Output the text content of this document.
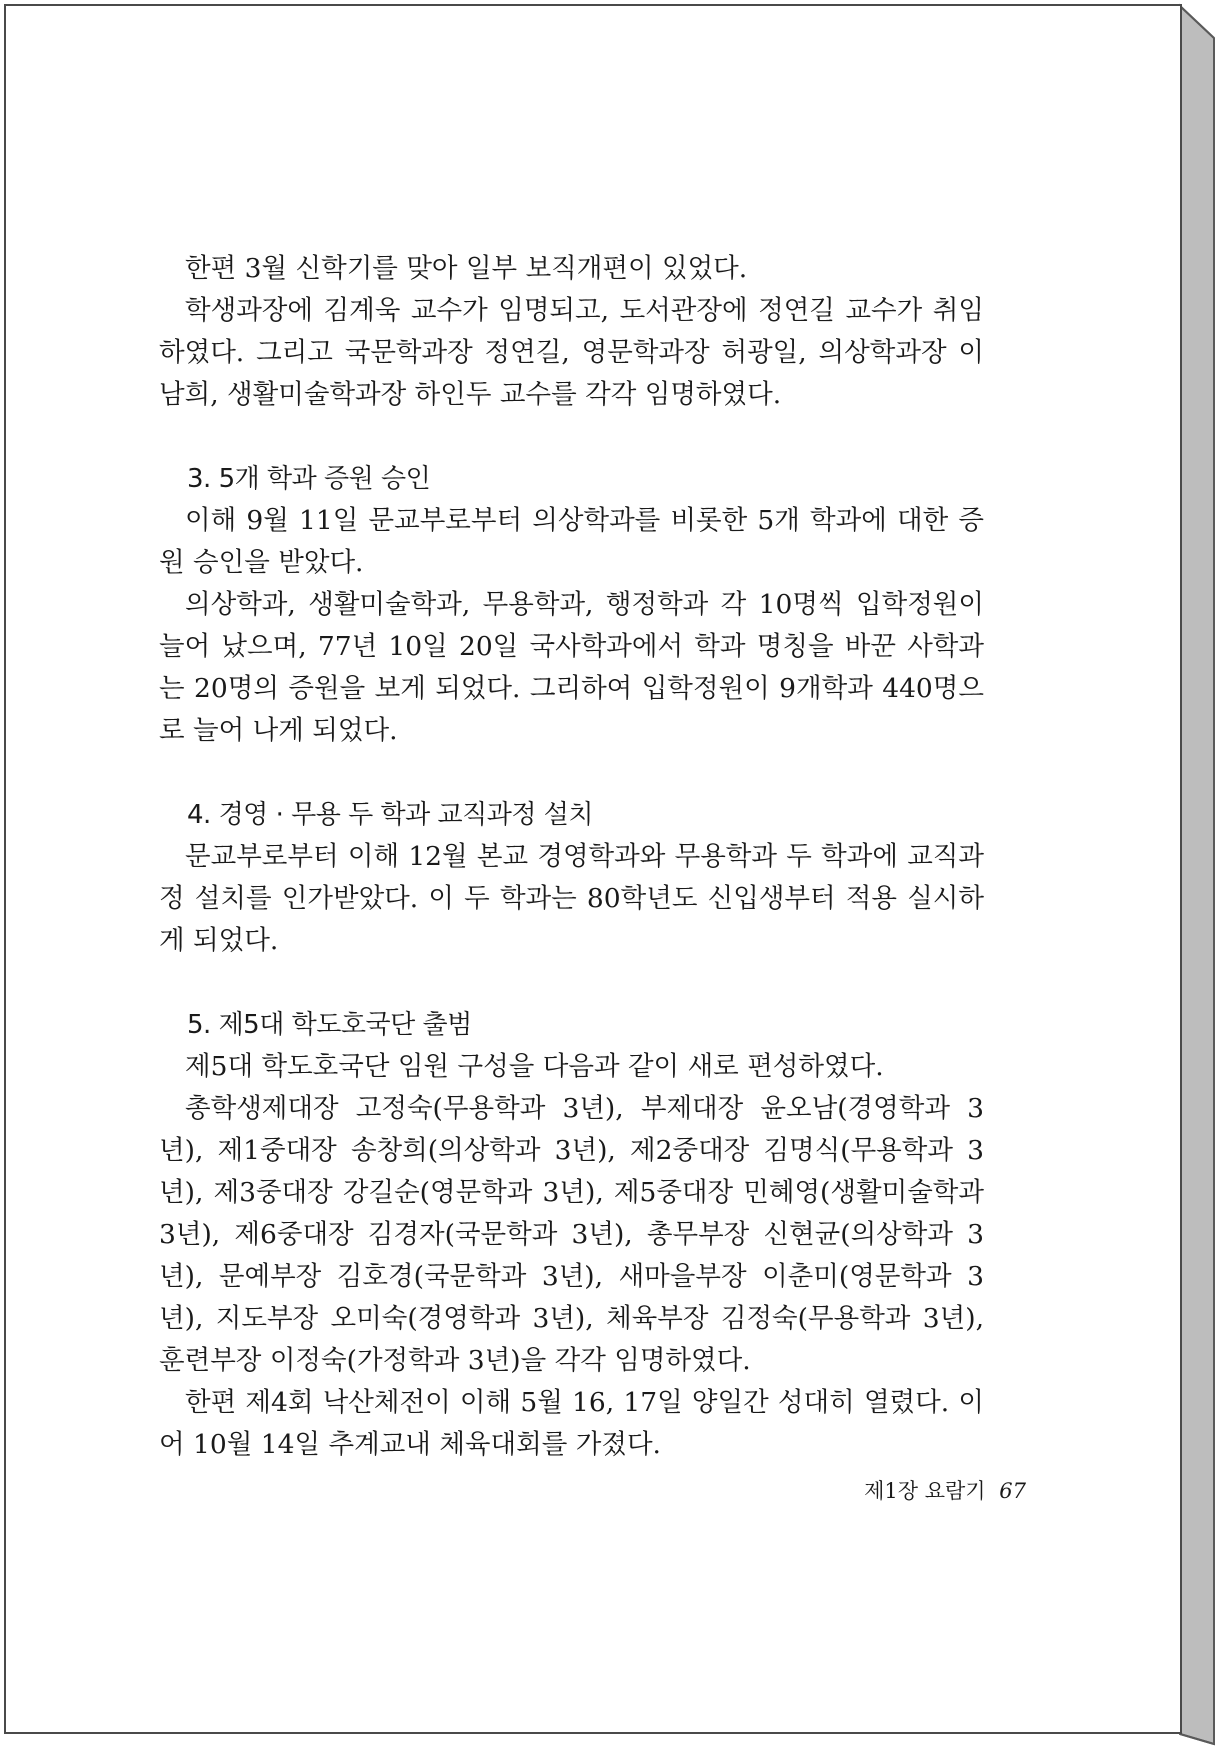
한편 3월 신학기를 맞아 일부 보직개편이 있었다.

학생과장에 김계욱 교수가 임명되고, 도서관장에 정연길 교수가 취임하였다. 그리고 국문학과장 정연길, 영문학과장 허광일, 의상학과장 이남희, 생활미술학과장 하인두 교수를 각각 임명하였다.

3. 5개 학과 증원 승인

이해 9월 11일 문교부로부터 의상학과를 비롯한 5개 학과에 대한 증원 승인을 받았다.

의상학과, 생활미술학과, 무용학과, 행정학과 각 10명씩 입학정원이 늘어 났으며, 77년 10일 20일 국사학과에서 학과 명칭을 바꾼 사학과는 20명의 증원을 보게 되었다. 그리하여 입학정원이 9개학과 440명으로 늘어 나게 되었다.

4. 경영 · 무용 두 학과 교직과정 설치

문교부로부터 이해 12월 본교 경영학과와 무용학과 두 학과에 교직과정 설치를 인가받았다. 이 두 학과는 80학년도 신입생부터 적용 실시하게 되었다.

5. 제5대 학도호국단 출범

제5대 학도호국단 임원 구성을 다음과 같이 새로 편성하였다.

총학생제대장 고정숙(무용학과 3년), 부제대장 윤오남(경영학과 3년), 제1중대장 송창희(의상학과 3년), 제2중대장 김명식(무용학과 3년), 제3중대장 강길순(영문학과 3년), 제5중대장 민혜영(생활미술학과 3년), 제6중대장 김경자(국문학과 3년), 총무부장 신현균(의상학과 3년), 문예부장 김호경(국문학과 3년), 새마을부장 이춘미(영문학과 3년), 지도부장 오미숙(경영학과 3년), 체육부장 김정숙(무용학과 3년), 훈련부장 이정숙(가정학과 3년)을 각각 임명하였다.

한편 제4회 낙산체전이 이해 5월 16, 17일 양일간 성대히 열렸다. 이어 10월 14일 추계교내 체육대회를 가졌다.

제1장 요람기 67
